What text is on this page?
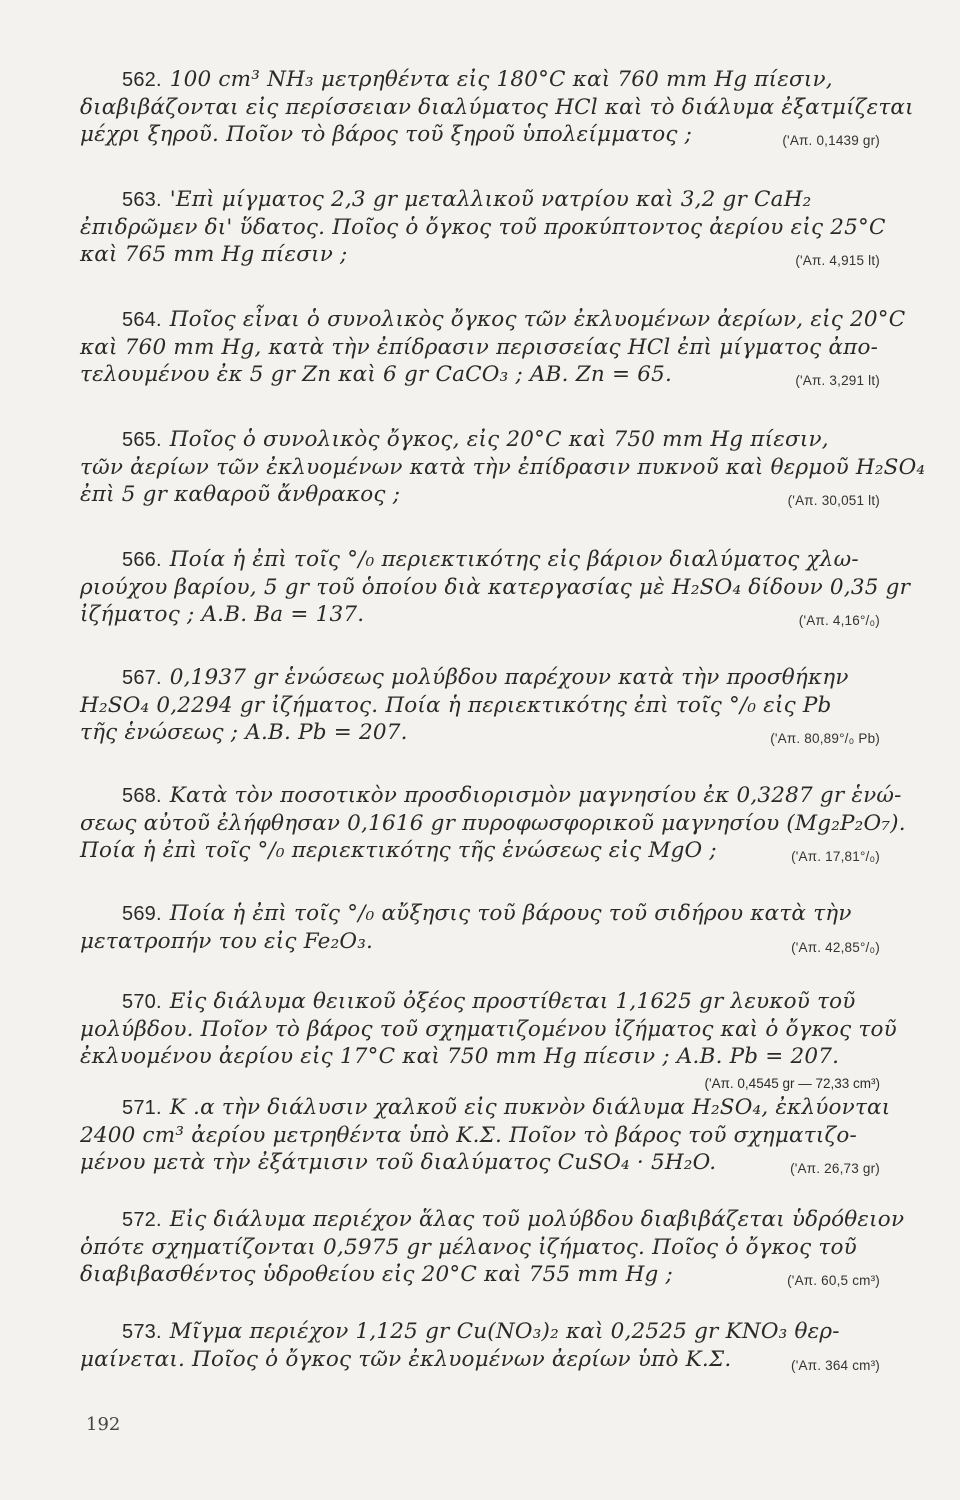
562. 100 cm³ NH₃ μετρηθέντα εἰς 180°C καὶ 760 mm Hg πίεσιν,
διαβιβάζονται εἰς περίσσειαν διαλύματος HCl καὶ τὸ διάλυμα ἐξατμίζεται
μέχρι ξηροῦ. Ποῖον τὸ βάρος τοῦ ξηροῦ ὑπολείμματος ;	('Απ. 0,1439 gr)
563. 'Επὶ μίγματος 2,3 gr μεταλλικοῦ νατρίου καὶ 3,2 gr CaH₂
ἐπιδρῶμεν δι' ὕδατος. Ποῖος ὁ ὄγκος τοῦ προκύπτοντος ἀερίου εἰς 25°C
καὶ 765 mm Hg πίεσιν ;	('Απ. 4,915 lt)
564. Ποῖος εἶναι ὁ συνολικὸς ὄγκος τῶν ἐκλυομένων ἀερίων, εἰς 20°C
καὶ 760 mm Hg, κατὰ τὴν ἐπίδρασιν περισσείας HCl ἐπὶ μίγματος ἀπο-
τελουμένου ἐκ 5 gr Zn καὶ 6 gr CaCO₃ ; ΑΒ. Zn = 65.	('Απ. 3,291 lt)
565. Ποῖος ὁ συνολικὸς ὄγκος, εἰς 20°C καὶ 750 mm Hg πίεσιν,
τῶν ἀερίων τῶν ἐκλυομένων κατὰ τὴν ἐπίδρασιν πυκνοῦ καὶ θερμοῦ H₂SO₄
ἐπὶ 5 gr καθαροῦ ἄνθρακος ;	('Απ. 30,051 lt)
566. Ποία ἡ ἐπὶ τοῖς °/₀ περιεκτικότης εἰς βάριον διαλύματος χλω-
ριούχου βαρίου, 5 gr τοῦ ὁποίου διὰ κατεργασίας μὲ H₂SO₄ δίδουν 0,35 gr
ἰζήματος ; Α.Β. Ba = 137.	('Απ. 4,16°/₀)
567. 0,1937 gr ἑνώσεως μολύβδου παρέχουν κατὰ τὴν προσθήκην
H₂SO₄ 0,2294 gr ἰζήματος. Ποία ἡ περιεκτικότης ἐπὶ τοῖς °/₀ εἰς Pb
τῆς ἑνώσεως ; Α.Β. Pb = 207.	('Απ. 80,89°/₀ Pb)
568. Κατὰ τὸν ποσοτικὸν προσδιορισμὸν μαγνησίου ἐκ 0,3287 gr ἑνώ-
σεως αὐτοῦ ἐλήφθησαν 0,1616 gr πυροφωσφορικοῦ μαγνησίου (Mg₂P₂O₇).
Ποία ἡ ἐπὶ τοῖς °/₀ περιεκτικότης τῆς ἑνώσεως εἰς MgO ;	('Απ. 17,81°/₀)
569. Ποία ἡ ἐπὶ τοῖς °/₀ αὔξησις τοῦ βάρους τοῦ σιδήρου κατὰ τὴν
μετατροπήν του εἰς Fe₂O₃.	('Απ. 42,85°/₀)
570. Εἰς διάλυμα θειικοῦ ὀξέος προστίθεται 1,1625 gr λευκοῦ τοῦ
μολύβδου. Ποῖον τὸ βάρος τοῦ σχηματιζομένου ἰζήματος καὶ ὁ ὄγκος τοῦ
ἐκλυομένου ἀερίου εἰς 17°C καὶ 750 mm Hg πίεσιν ; Α.Β. Pb = 207.
('Απ. 0,4545 gr — 72,33 cm³)
571. Κ .α τὴν διάλυσιν χαλκοῦ εἰς πυκνὸν διάλυμα H₂SO₄, ἐκλύονται
2400 cm³ ἀερίου μετρηθέντα ὑπὸ Κ.Σ. Ποῖον τὸ βάρος τοῦ σχηματιζο-
μένου μετὰ τὴν ἐξάτμισιν τοῦ διαλύματος CuSO₄ · 5H₂O.	('Απ. 26,73 gr)
572. Εἰς διάλυμα περιέχον ἅλας τοῦ μολύβδου διαβιβάζεται ὑδρόθειον
ὁπότε σχηματίζονται 0,5975 gr μέλανος ἰζήματος. Ποῖος ὁ ὄγκος τοῦ
διαβιβασθέντος ὑδροθείου εἰς 20°C καὶ 755 mm Hg ;	('Απ. 60,5 cm³)
573. Μῖγμα περιέχον 1,125 gr Cu(NO₃)₂ καὶ 0,2525 gr KNO₃ θερ-
μαίνεται. Ποῖος ὁ ὄγκος τῶν ἐκλυομένων ἀερίων ὑπὸ Κ.Σ.	('Απ. 364 cm³)
192
